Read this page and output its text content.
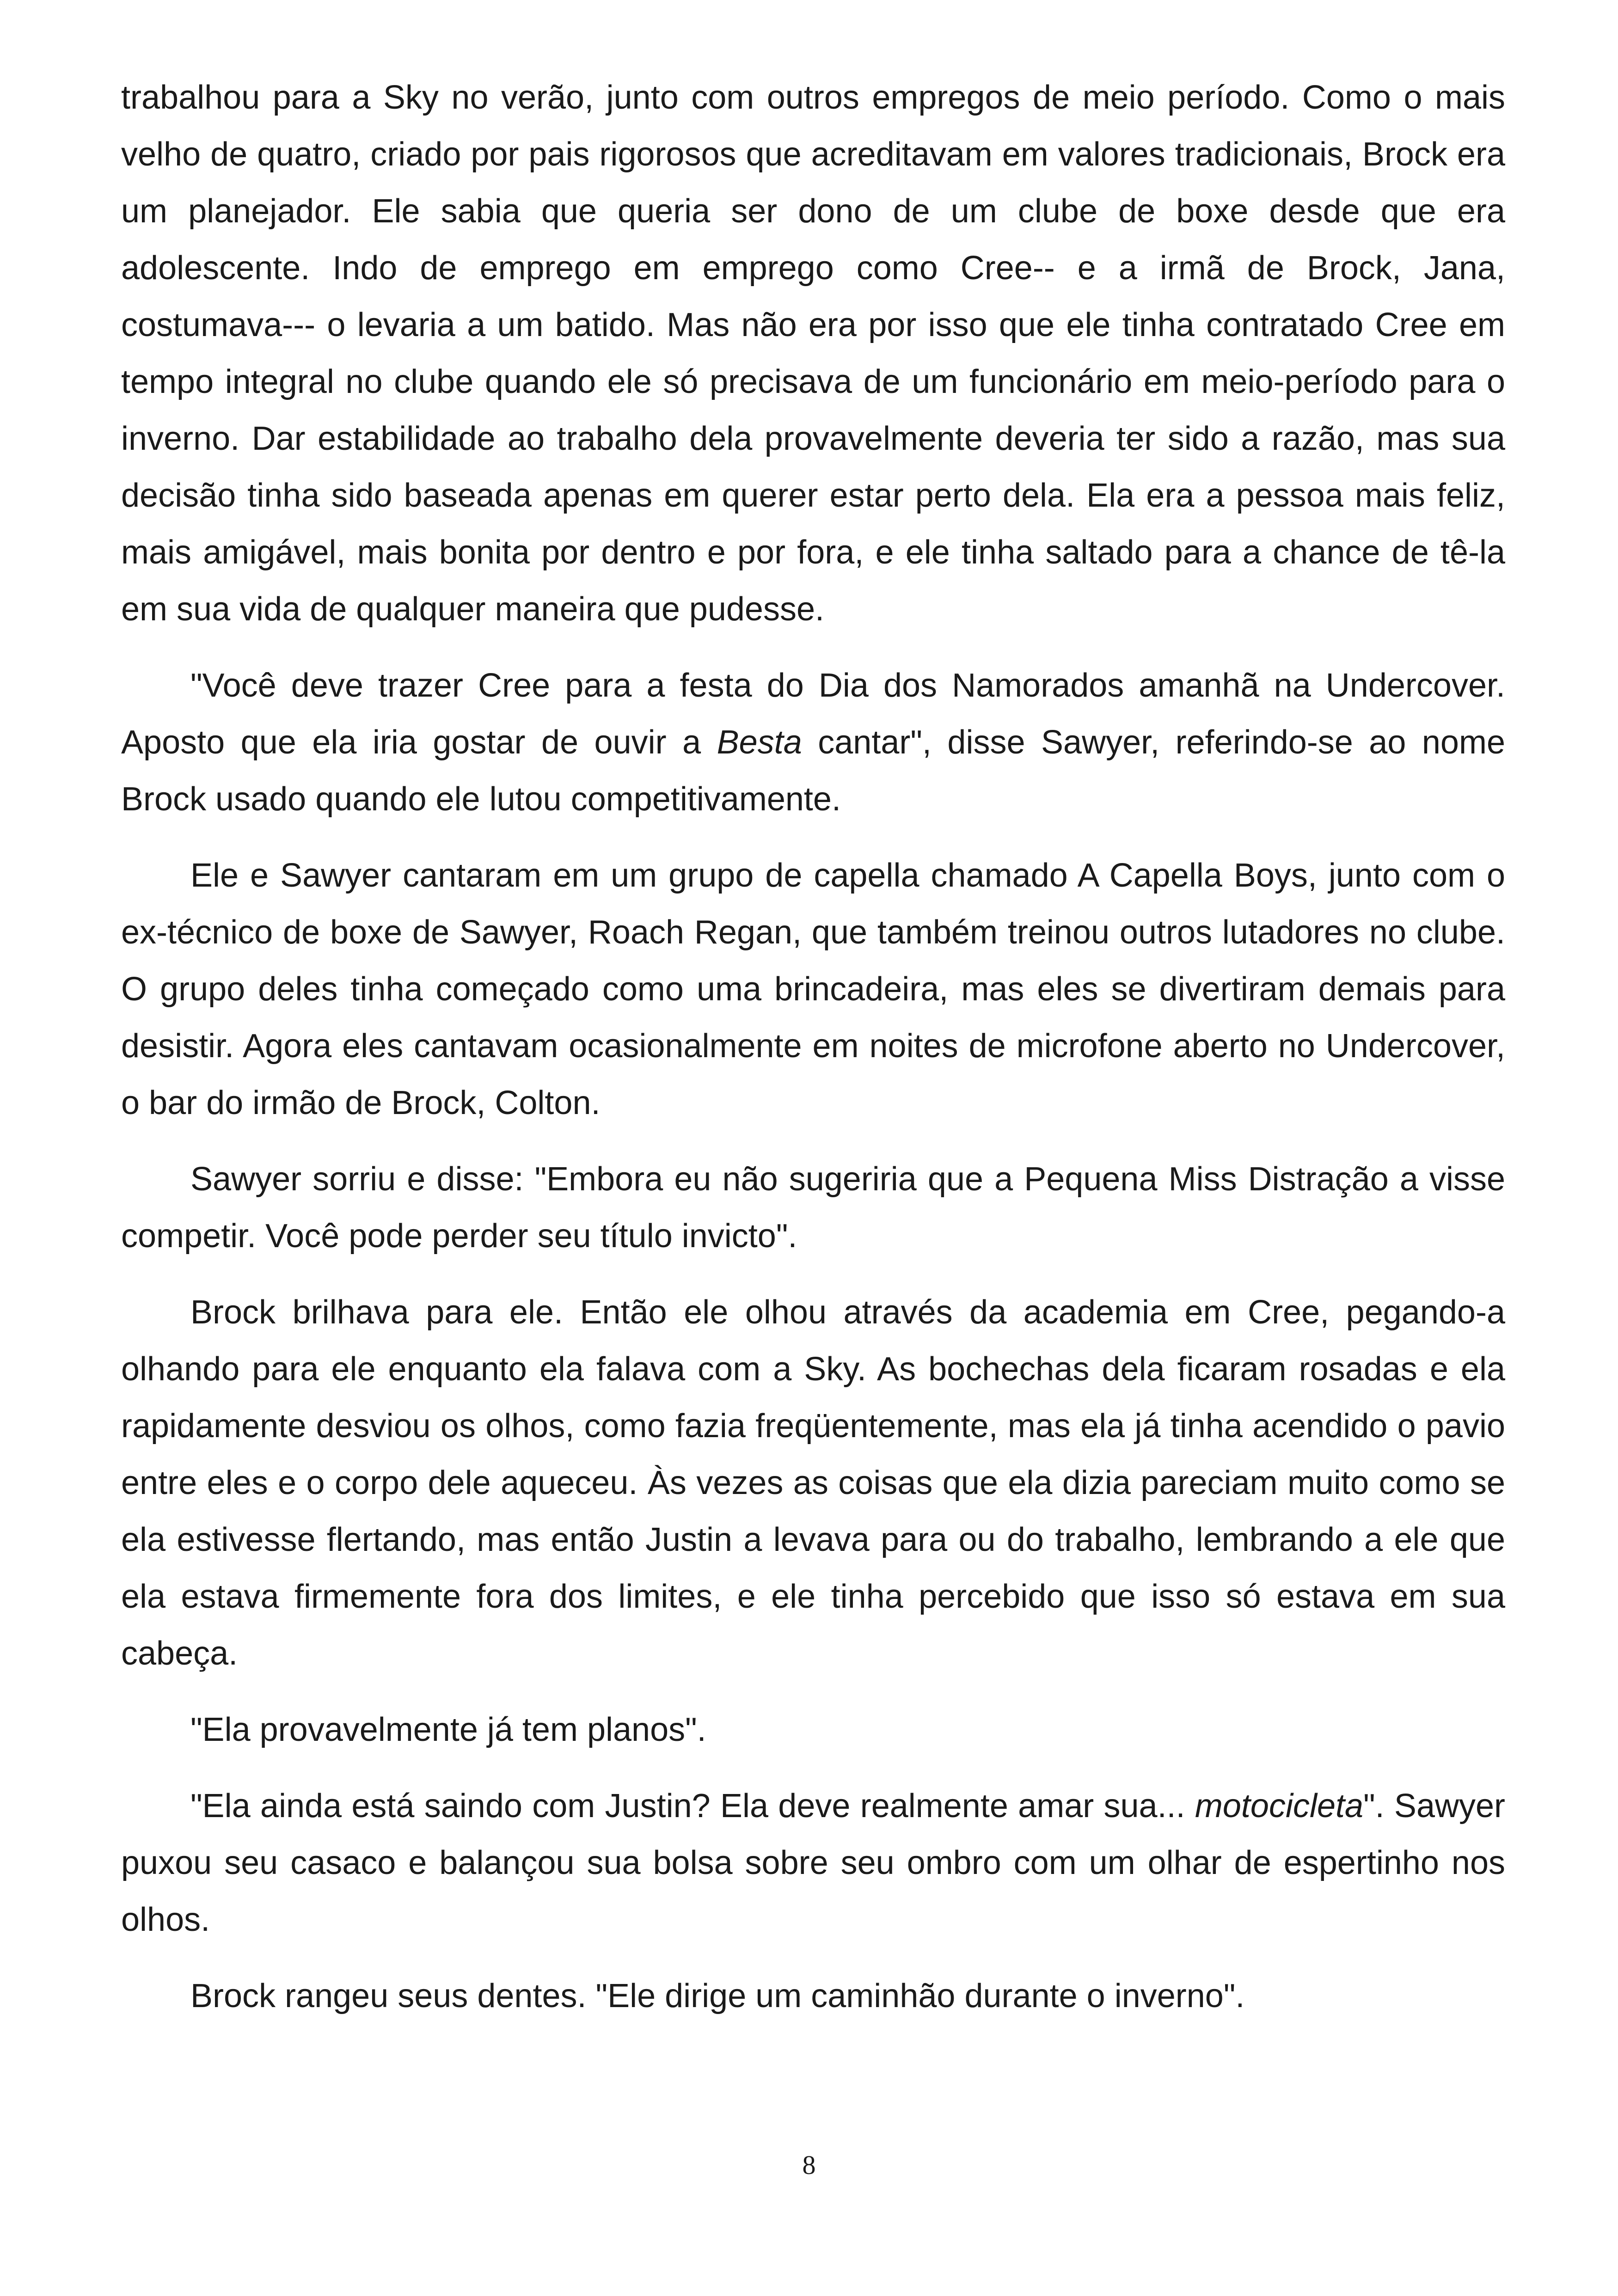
trabalhou para a Sky no verão, junto com outros empregos de meio período. Como o mais velho de quatro, criado por pais rigorosos que acreditavam em valores tradicionais, Brock era um planejador. Ele sabia que queria ser dono de um clube de boxe desde que era adolescente. Indo de emprego em emprego como Cree-- e a irmã de Brock, Jana, costumava--- o levaria a um batido. Mas não era por isso que ele tinha contratado Cree em tempo integral no clube quando ele só precisava de um funcionário em meio-período para o inverno. Dar estabilidade ao trabalho dela provavelmente deveria ter sido a razão, mas sua decisão tinha sido baseada apenas em querer estar perto dela. Ela era a pessoa mais feliz, mais amigável, mais bonita por dentro e por fora, e ele tinha saltado para a chance de tê-la em sua vida de qualquer maneira que pudesse.

"Você deve trazer Cree para a festa do Dia dos Namorados amanhã na Undercover. Aposto que ela iria gostar de ouvir a Besta cantar", disse Sawyer, referindo-se ao nome Brock usado quando ele lutou competitivamente.

Ele e Sawyer cantaram em um grupo de capella chamado A Capella Boys, junto com o ex-técnico de boxe de Sawyer, Roach Regan, que também treinou outros lutadores no clube. O grupo deles tinha começado como uma brincadeira, mas eles se divertiram demais para desistir. Agora eles cantavam ocasionalmente em noites de microfone aberto no Undercover, o bar do irmão de Brock, Colton.

Sawyer sorriu e disse: "Embora eu não sugeriria que a Pequena Miss Distração a visse competir. Você pode perder seu título invicto".

Brock brilhava para ele. Então ele olhou através da academia em Cree, pegando-a olhando para ele enquanto ela falava com a Sky. As bochechas dela ficaram rosadas e ela rapidamente desviou os olhos, como fazia freqüentemente, mas ela já tinha acendido o pavio entre eles e o corpo dele aqueceu. Às vezes as coisas que ela dizia pareciam muito como se ela estivesse flertando, mas então Justin a levava para ou do trabalho, lembrando a ele que ela estava firmemente fora dos limites, e ele tinha percebido que isso só estava em sua cabeça.

"Ela provavelmente já tem planos".

"Ela ainda está saindo com Justin? Ela deve realmente amar sua... motocicleta". Sawyer puxou seu casaco e balançou sua bolsa sobre seu ombro com um olhar de espertinho nos olhos.

Brock rangeu seus dentes. "Ele dirige um caminhão durante o inverno".

8
